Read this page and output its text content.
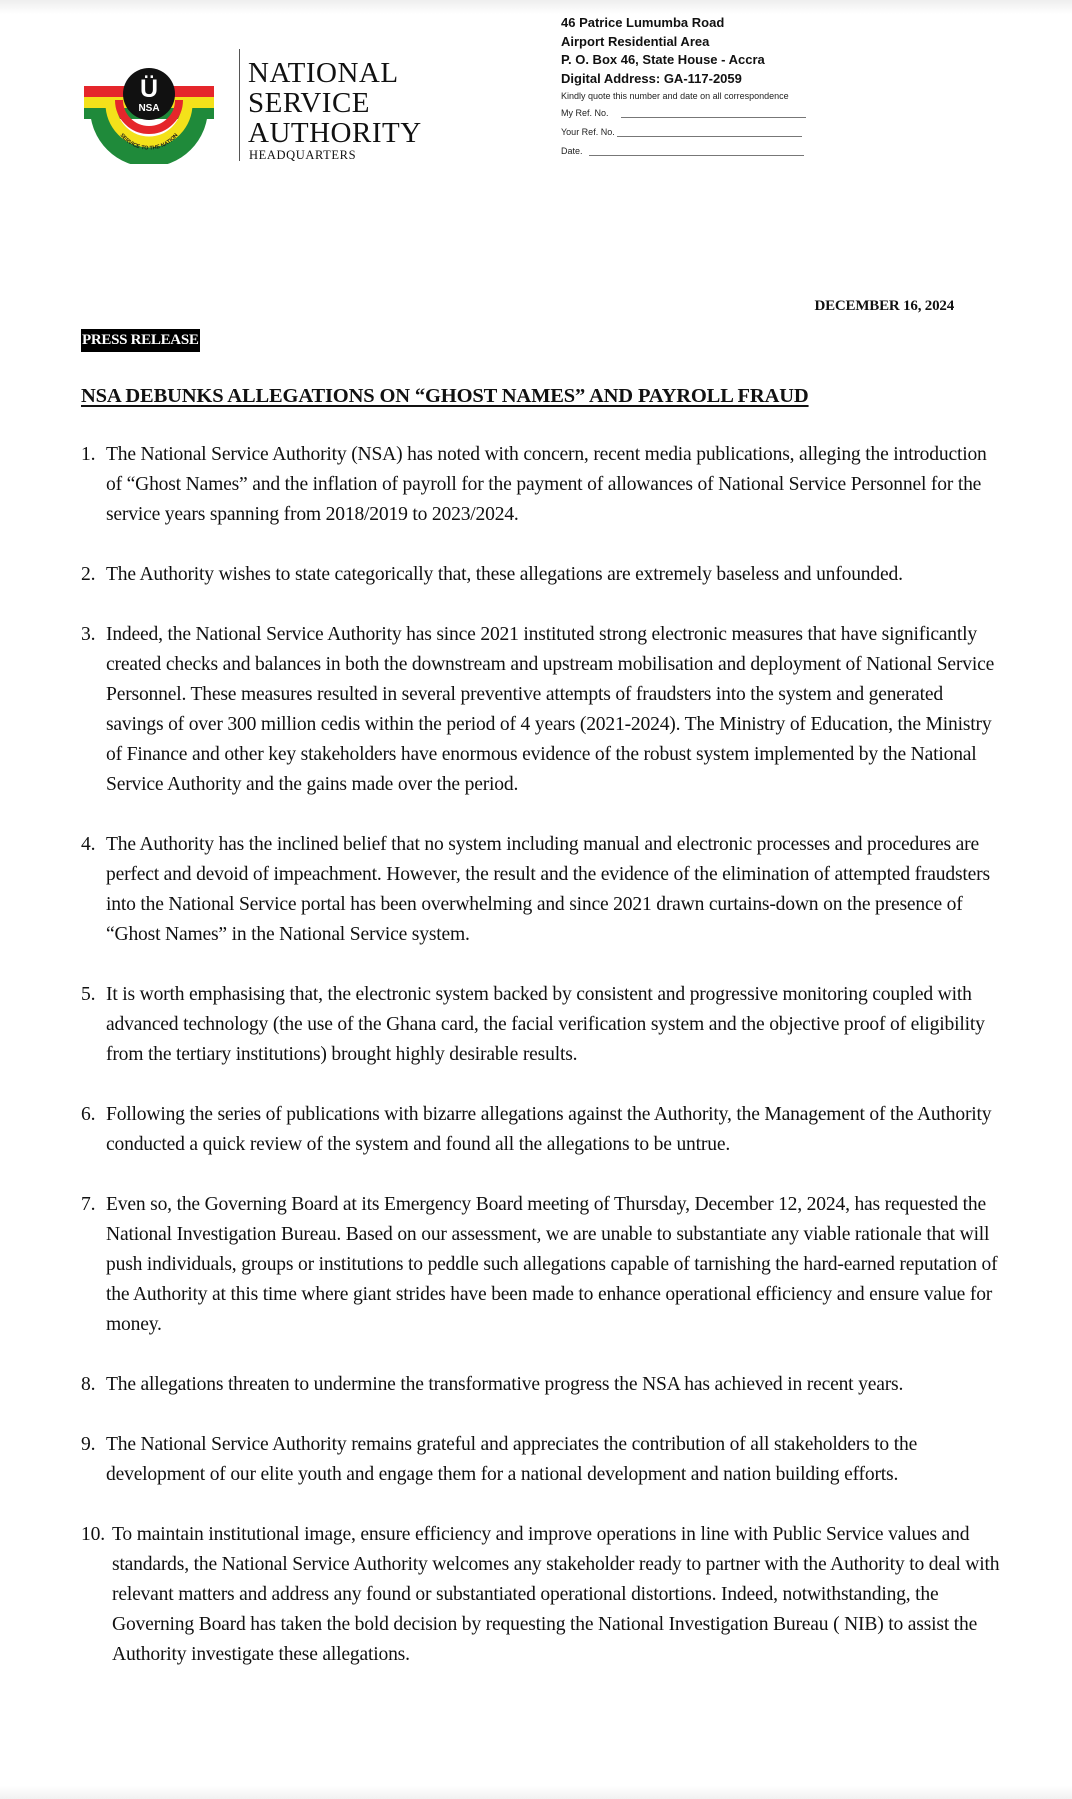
Ü
NSA
SERVICE TO THE NATION
NATIONAL
SERVICE
AUTHORITY
HEADQUARTERS
46 Patrice Lumumba Road
Airport Residential Area
P. O. Box 46, State House - Accra
Digital Address: GA-117-2059
Kindly quote this number and date on all correspondence
My Ref. No.
Your Ref. No.
Date.
DECEMBER 16, 2024
PRESS RELEASE
NSA DEBUNKS ALLEGATIONS ON “GHOST NAMES” AND PAYROLL FRAUD
1. The National Service Authority (NSA) has noted with concern, recent media publications, alleging the introduction of “Ghost Names” and the inflation of payroll for the payment of allowances of National Service Personnel for the service years spanning from 2018/2019 to 2023/2024.
2. The Authority wishes to state categorically that, these allegations are extremely baseless and unfounded.
3. Indeed, the National Service Authority has since 2021 instituted strong electronic measures that have significantly created checks and balances in both the downstream and upstream mobilisation and deployment of National Service Personnel. These measures resulted in several preventive attempts of fraudsters into the system and generated savings of over 300 million cedis within the period of 4 years (2021-2024). The Ministry of Education, the Ministry of Finance and other key stakeholders have enormous evidence of the robust system implemented by the National Service Authority and the gains made over the period.
4. The Authority has the inclined belief that no system including manual and electronic processes and procedures are perfect and devoid of impeachment. However, the result and the evidence of the elimination of attempted fraudsters into the National Service portal has been overwhelming and since 2021 drawn curtains-down on the presence of “Ghost Names” in the National Service system.
5. It is worth emphasising that, the electronic system backed by consistent and progressive monitoring coupled with advanced technology (the use of the Ghana card, the facial verification system and the objective proof of eligibility from the tertiary institutions) brought highly desirable results.
6. Following the series of publications with bizarre allegations against the Authority, the Management of the Authority conducted a quick review of the system and found all the allegations to be untrue.
7. Even so, the Governing Board at its Emergency Board meeting of Thursday, December 12, 2024, has requested the National Investigation Bureau. Based on our assessment, we are unable to substantiate any viable rationale that will push individuals, groups or institutions to peddle such allegations capable of tarnishing the hard-earned reputation of the Authority at this time where giant strides have been made to enhance operational efficiency and ensure value for money.
8. The allegations threaten to undermine the transformative progress the NSA has achieved in recent years.
9. The National Service Authority remains grateful and appreciates the contribution of all stakeholders to the development of our elite youth and engage them for a national development and nation building efforts.
10. To maintain institutional image, ensure efficiency and improve operations in line with Public Service values and standards, the National Service Authority welcomes any stakeholder ready to partner with the Authority to deal with relevant matters and address any found or substantiated operational distortions. Indeed, notwithstanding, the Governing Board has taken the bold decision by requesting the National Investigation Bureau ( NIB) to assist the Authority investigate these allegations.
